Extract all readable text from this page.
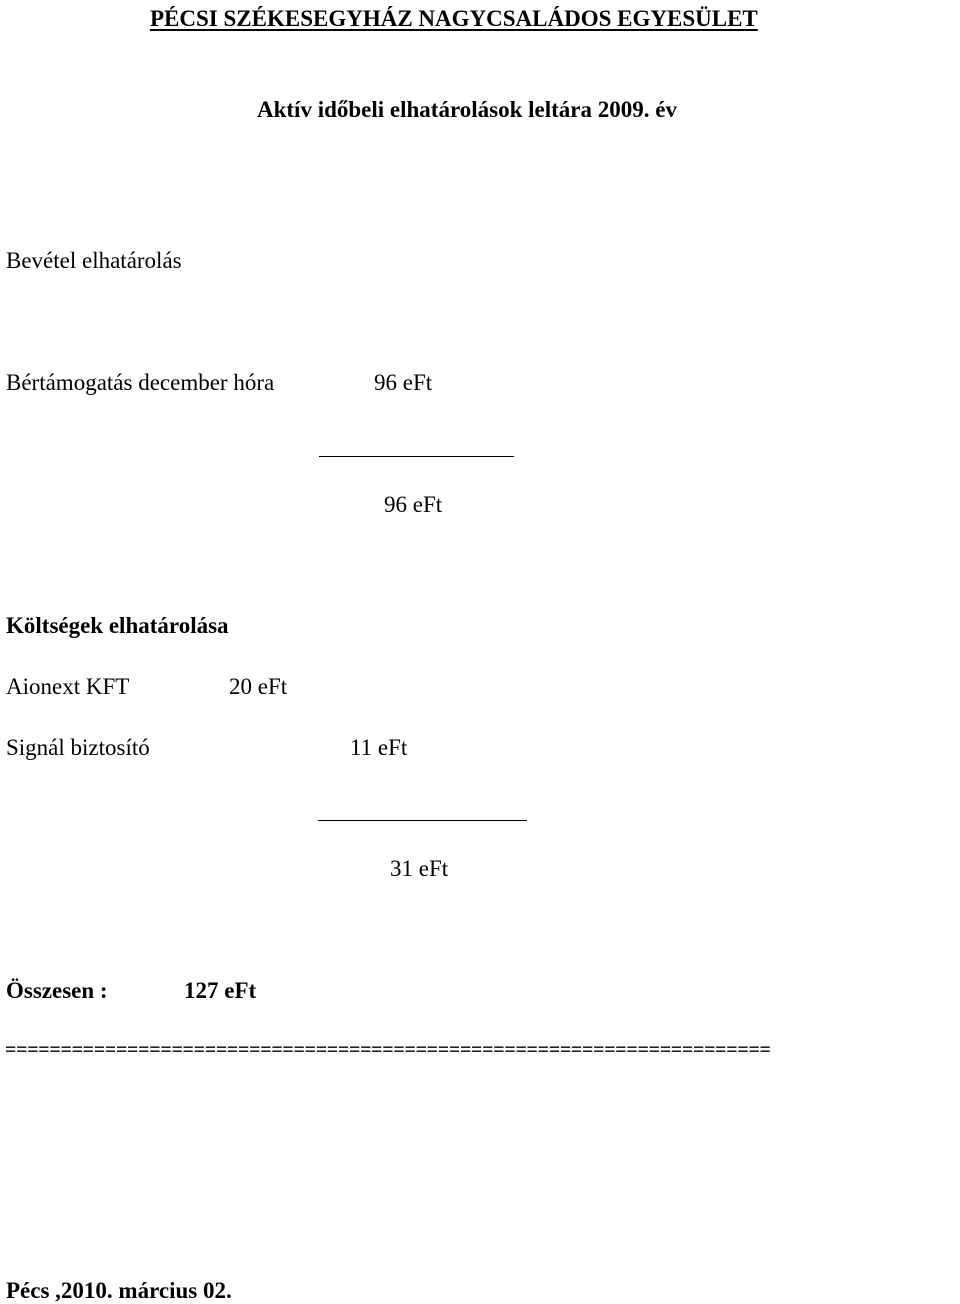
PÉCSI SZÉKESEGYHÁZ NAGYCSALÁDOS EGYESÜLET
Aktív időbeli elhatárolások leltára 2009. év
Bevétel elhatárolás
Bértámogatás december hóra	96 eFt
96 eFt
Költségek elhatárolása
Aionext KFT	20 eFt
Signál biztosító	11 eFt
31 eFt
Összesen :	127 eFt
=====================================================================
Pécs ,2010. március 02.
